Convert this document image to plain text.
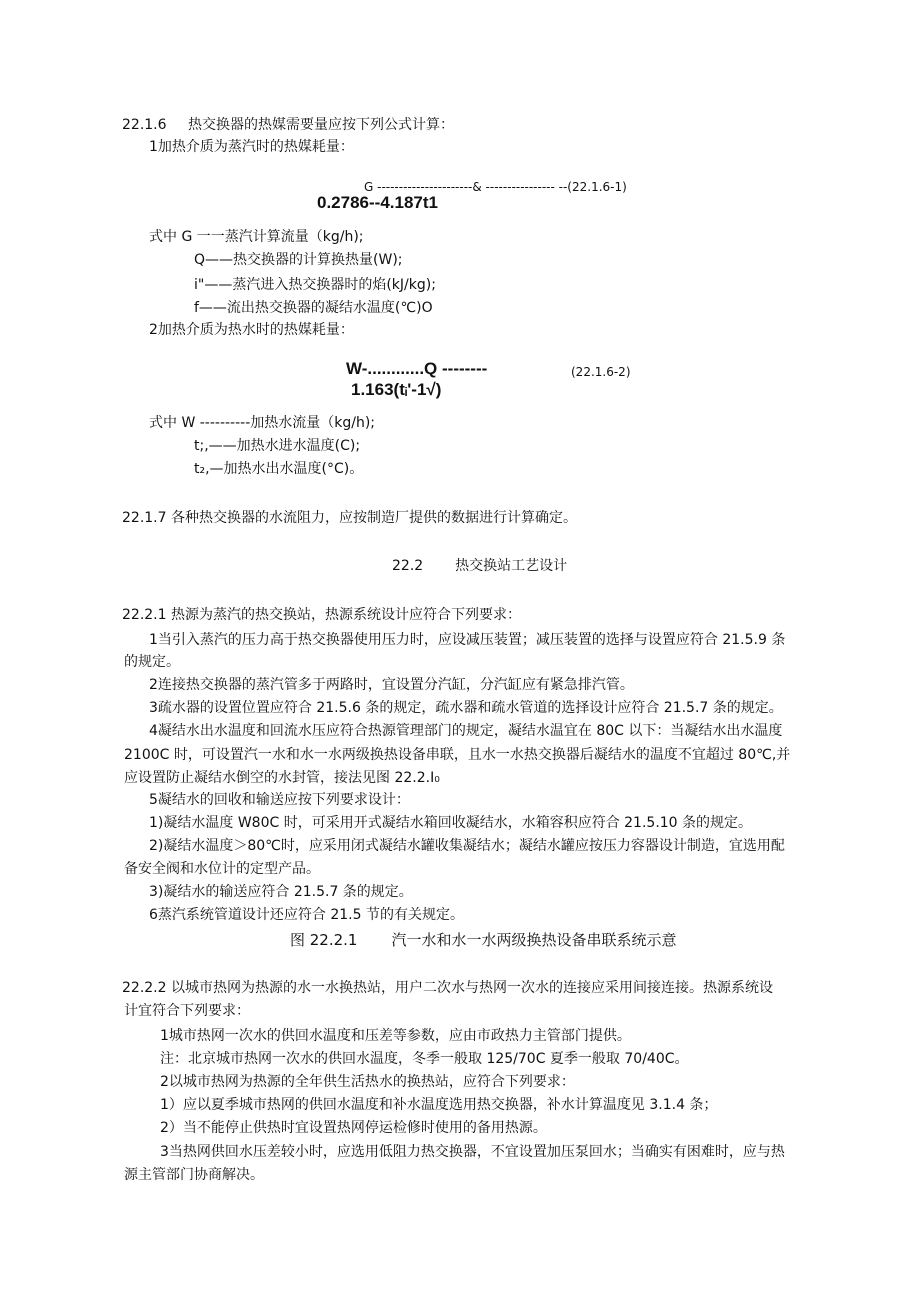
22.1.6 热交换器的热媒需要量应按下列公式计算：
1加热介质为蒸汽时的热媒耗量：
G ----------------------& ---------------- --(22.1.6-1)
0.2786--4.187t1
式中 G 一一蒸汽计算流量（kg/h);
Q——热交换器的计算换热量(W);
i"——蒸汽进入热交换器时的焰(kJ/kg);
f——流出热交换器的凝结水温度(℃)O
2加热介质为热水时的热媒耗量：
W-............Q --------	(22.1.6-2)
1.163(tᵢ'-1√)
式中 W ----------加热水流量（kg/h);
t;,——加热水进水温度(C);
t₂,—加热水出水温度(°C)。
22.1.7 各种热交换器的水流阻力，应按制造厂提供的数据进行计算确定。
22.2 热交换站工艺设计
22.2.1 热源为蒸汽的热交换站，热源系统设计应符合下列要求：
1当引入蒸汽的压力高于热交换器使用压力时，应设减压装置；减压装置的选择与设置应符合 21.5.9 条
的规定。
2连接热交换器的蒸汽管多于两路时，宜设置分汽缸，分汽缸应有紧急排汽管。
3疏水器的设置位置应符合 21.5.6 条的规定，疏水器和疏水管道的选择设计应符合 21.5.7 条的规定。
4凝结水出水温度和回流水压应符合热源管理部门的规定，凝结水温宜在 80C 以下：当凝结水出水温度
2100C 时，可设置汽一水和水一水两级换热设备串联，且水一水热交换器后凝结水的温度不宜超过 80℃,并
应设置防止凝结水倒空的水封管，接法见图 22.2.I₀
5凝结水的回收和输送应按下列要求设计：
1)凝结水温度 W80C 时，可采用开式凝结水箱回收凝结水，水箱容积应符合 21.5.10 条的规定。
2)凝结水温度＞80℃时，应采用闭式凝结水罐收集凝结水；凝结水罐应按压力容器设计制造，宜选用配
备安全阀和水位计的定型产品。
3)凝结水的输送应符合 21.5.7 条的规定。
6蒸汽系统管道设计还应符合 21.5 节的有关规定。
图 22.2.1 汽一水和水一水两级换热设备串联系统示意
22.2.2 以城市热网为热源的水一水换热站，用户二次水与热网一次水的连接应采用间接连接。热源系统设
计宜符合下列要求：
1城市热网一次水的供回水温度和压差等参数，应由市政热力主管部门提供。
注：北京城市热网一次水的供回水温度，冬季一般取 125/70C 夏季一般取 70/40C。
2以城市热网为热源的全年供生活热水的换热站，应符合下列要求：
1）应以夏季城市热网的供回水温度和补水温度选用热交换器，补水计算温度见 3.1.4 条；
2）当不能停止供热时宜设置热网停运检修时使用的备用热源。
3当热网供回水压差较小时，应选用低阻力热交换器，不宜设置加压泵回水；当确实有困难时，应与热
源主管部门协商解决。
